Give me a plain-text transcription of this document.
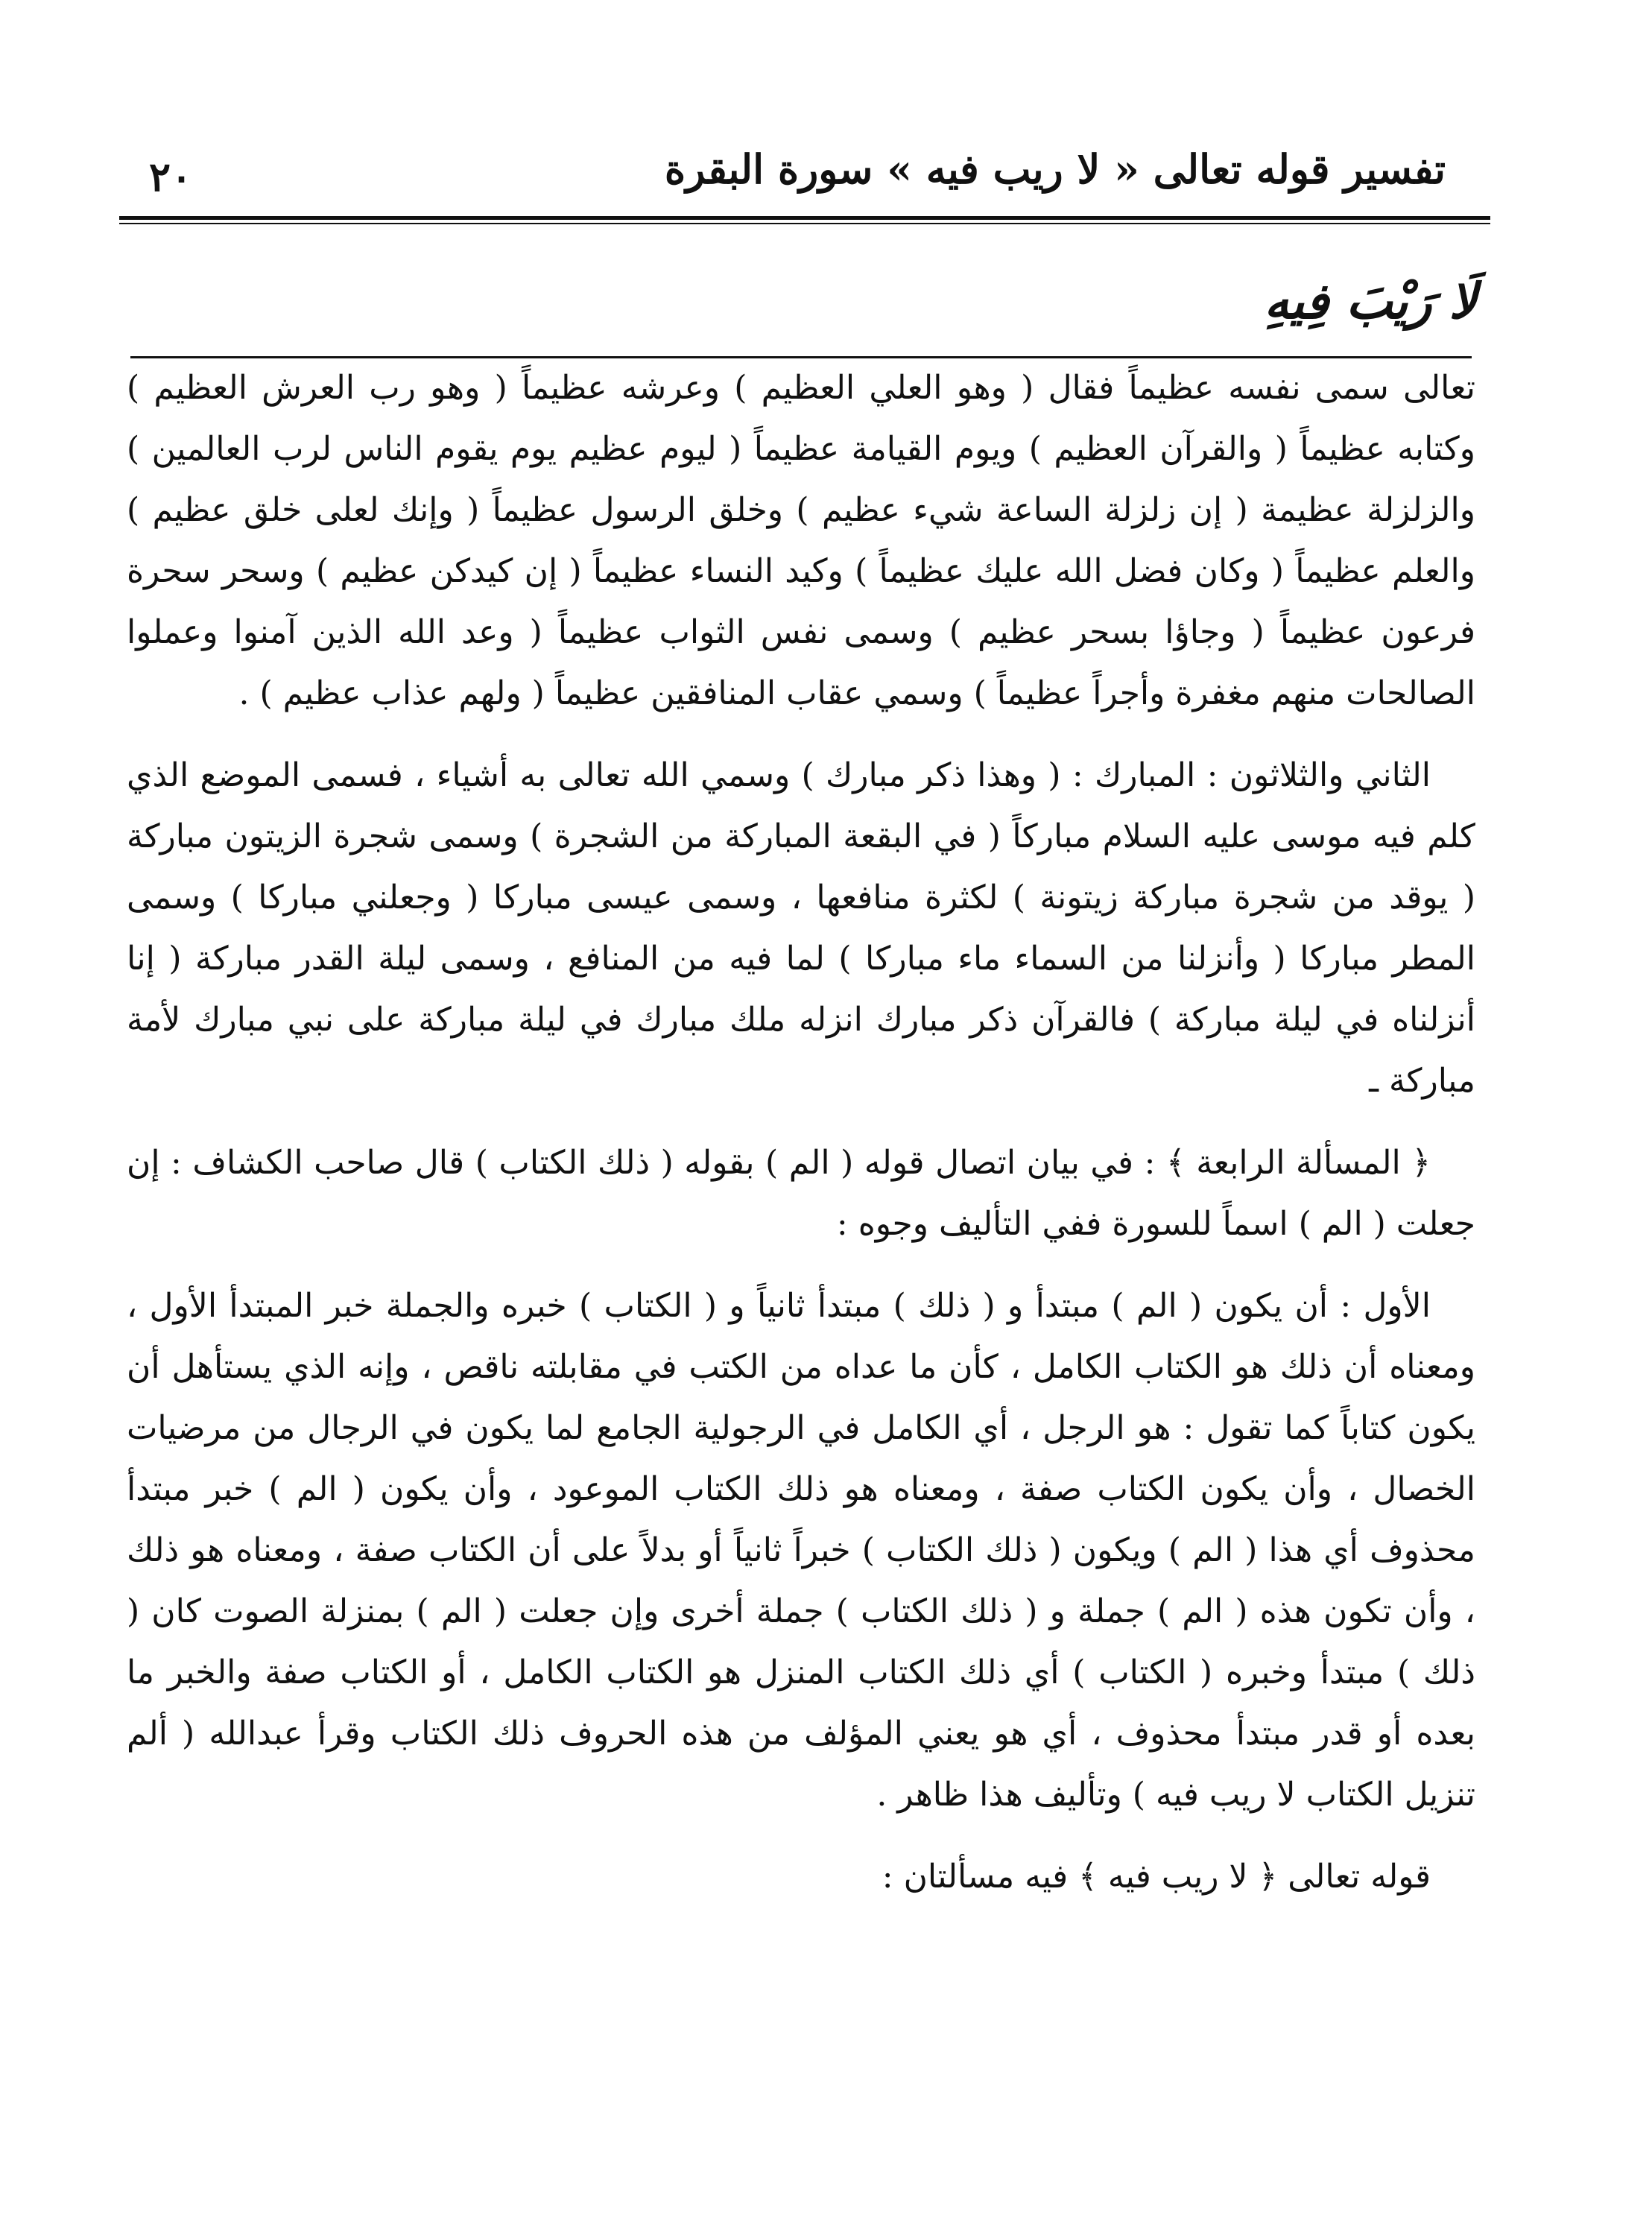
٢٠	تفسير قوله تعالى « لا ريب فيه » سورة البقرة
لَا رَيْبَ فِيهِ

تعالى سمى نفسه عظيماً فقال ( وهو العلي العظيم ) وعرشه عظيماً ( وهو رب العرش العظيم ) وكتابه عظيماً ( والقرآن العظيم ) ويوم القيامة عظيماً ( ليوم عظيم يوم يقوم الناس لرب العالمين ) والزلزلة عظيمة ( إن زلزلة الساعة شيء عظيم ) وخلق الرسول عظيماً ( وإنك لعلى خلق عظيم ) والعلم عظيماً ( وكان فضل الله عليك عظيماً ) وكيد النساء عظيماً ( إن كيدكن عظيم ) وسحر سحرة فرعون عظيماً ( وجاؤا بسحر عظيم ) وسمى نفس الثواب عظيماً ( وعد الله الذين آمنوا وعملوا الصالحات منهم مغفرة وأجراً عظيماً ) وسمي عقاب المنافقين عظيماً ( ولهم عذاب عظيم ) .

الثاني والثلاثون : المبارك : ( وهذا ذكر مبارك ) وسمي الله تعالى به أشياء ، فسمى الموضع الذي كلم فيه موسى عليه السلام مباركاً ( في البقعة المباركة من الشجرة ) وسمى شجرة الزيتون مباركة ( يوقد من شجرة مباركة زيتونة ) لكثرة منافعها ، وسمى عيسى مباركا ( وجعلني مباركا ) وسمى المطر مباركا ( وأنزلنا من السماء ماء مباركا ) لما فيه من المنافع ، وسمى ليلة القدر مباركة ( إنا أنزلناه في ليلة مباركة ) فالقرآن ذكر مبارك انزله ملك مبارك في ليلة مباركة على نبي مبارك لأمة مباركة ـ

﴿ المسألة الرابعة ﴾ : في بيان اتصال قوله ( الم ) بقوله ( ذلك الكتاب ) قال صاحب الكشاف : إن جعلت ( الم ) اسماً للسورة ففي التأليف وجوه :

الأول : أن يكون ( الم ) مبتدأ و ( ذلك ) مبتدأ ثانياً و ( الكتاب ) خبره والجملة خبر المبتدأ الأول ، ومعناه أن ذلك هو الكتاب الكامل ، كأن ما عداه من الكتب في مقابلته ناقص ، وإنه الذي يستأهل أن يكون كتاباً كما تقول : هو الرجل ، أي الكامل في الرجولية الجامع لما يكون في الرجال من مرضيات الخصال ، وأن يكون الكتاب صفة ، ومعناه هو ذلك الكتاب الموعود ، وأن يكون ( الم ) خبر مبتدأ محذوف أي هذا ( الم ) ويكون ( ذلك الكتاب ) خبراً ثانياً أو بدلاً على أن الكتاب صفة ، ومعناه هو ذلك ، وأن تكون هذه ( الم ) جملة و ( ذلك الكتاب ) جملة أخرى وإن جعلت ( الم ) بمنزلة الصوت كان ( ذلك ) مبتدأ وخبره ( الكتاب ) أي ذلك الكتاب المنزل هو الكتاب الكامل ، أو الكتاب صفة والخبر ما بعده أو قدر مبتدأ محذوف ، أي هو يعني المؤلف من هذه الحروف ذلك الكتاب وقرأ عبدالله ( ألم تنزيل الكتاب لا ريب فيه ) وتأليف هذا ظاهر .

قوله تعالى ﴿ لا ريب فيه ﴾ فيه مسألتان :
